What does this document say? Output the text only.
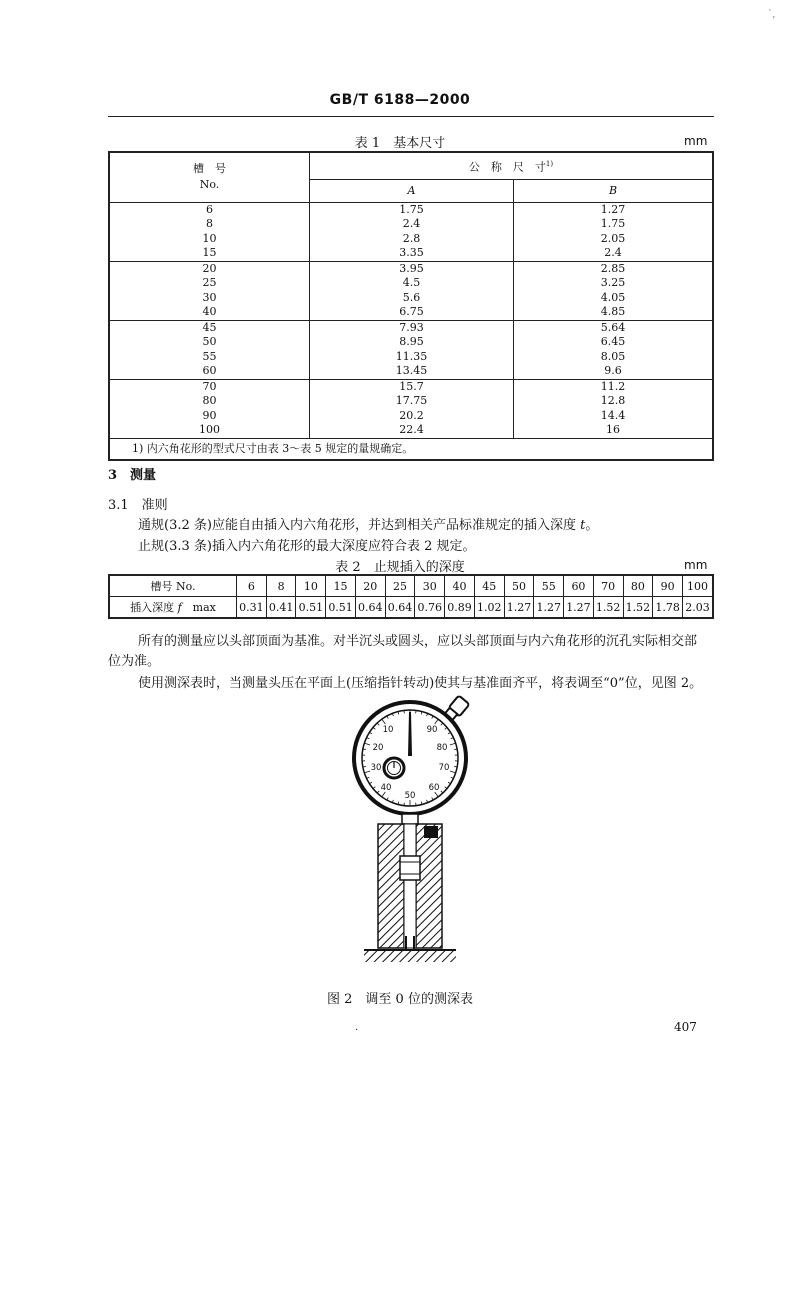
`,
GB/T 6188—2000
表 1　基本尺寸	mm
槽　号
No.	公　称　尺　寸$^{1)}$
	A	B
6	1.75	1.27
8	2.4	1.75
10	2.8	2.05
15	3.35	2.4
20	3.95	2.85
25	4.5	3.25
30	5.6	4.05
40	6.75	4.85
45	7.93	5.64
50	8.95	6.45
55	11.35	8.05
60	13.45	9.6
70	15.7	11.2
80	17.75	12.8
90	20.2	14.4
100	22.4	16
1) 内六角花形的型式尺寸由表 3～表 5 规定的量规确定。		
3　测量
3.1　准则
通规(3.2 条)应能自由插入内六角花形，并达到相关产品标准规定的插入深度 t。
止规(3.3 条)插入内六角花形的最大深度应符合表 2 规定。
表 2　止规插入的深度	mm
槽号 No.	6	8	10	15	20	25	30	40	45	50	55	60	70	80	90	100
插入深度 f　max	0.31	0.41	0.51	0.51	0.64	0.64	0.76	0.89	1.02	1.27	1.27	1.27	1.52	1.52	1.78	2.03
所有的测量应以头部顶面为基准。对半沉头或圆头，应以头部顶面与内六角花形的沉孔实际相交部
位为准。
使用测深表时，当测量头压在平面上(压缩指针转动)使其与基准面齐平，将表调至“0”位，见图 2。
10	90
20	80
30	70
40	60
50
图 2　调至 0 位的测深表
.	407
